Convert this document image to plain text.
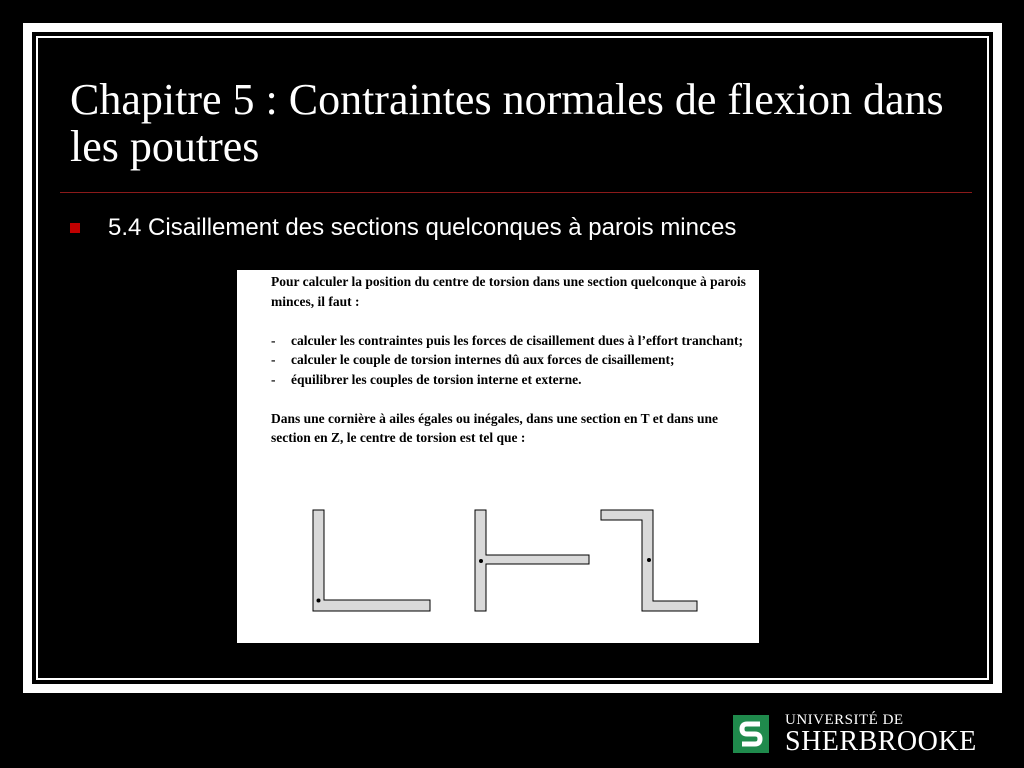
Chapitre 5 : Contraintes normales de flexion dans les poutres
5.4 Cisaillement des sections quelconques à parois minces

Pour calculer la position du centre de torsion dans une section quelconque à parois minces, il faut :

- calculer les contraintes puis les forces de cisaillement dues à l’effort tranchant;
- calculer le couple de torsion internes dû aux forces de cisaillement;
- équilibrer les couples de torsion interne et externe.

Dans une cornière à ailes égales ou inégales, dans une section en T et dans une section en Z, le centre de torsion est tel que :

UNIVERSITÉ DE
SHERBROOKE
